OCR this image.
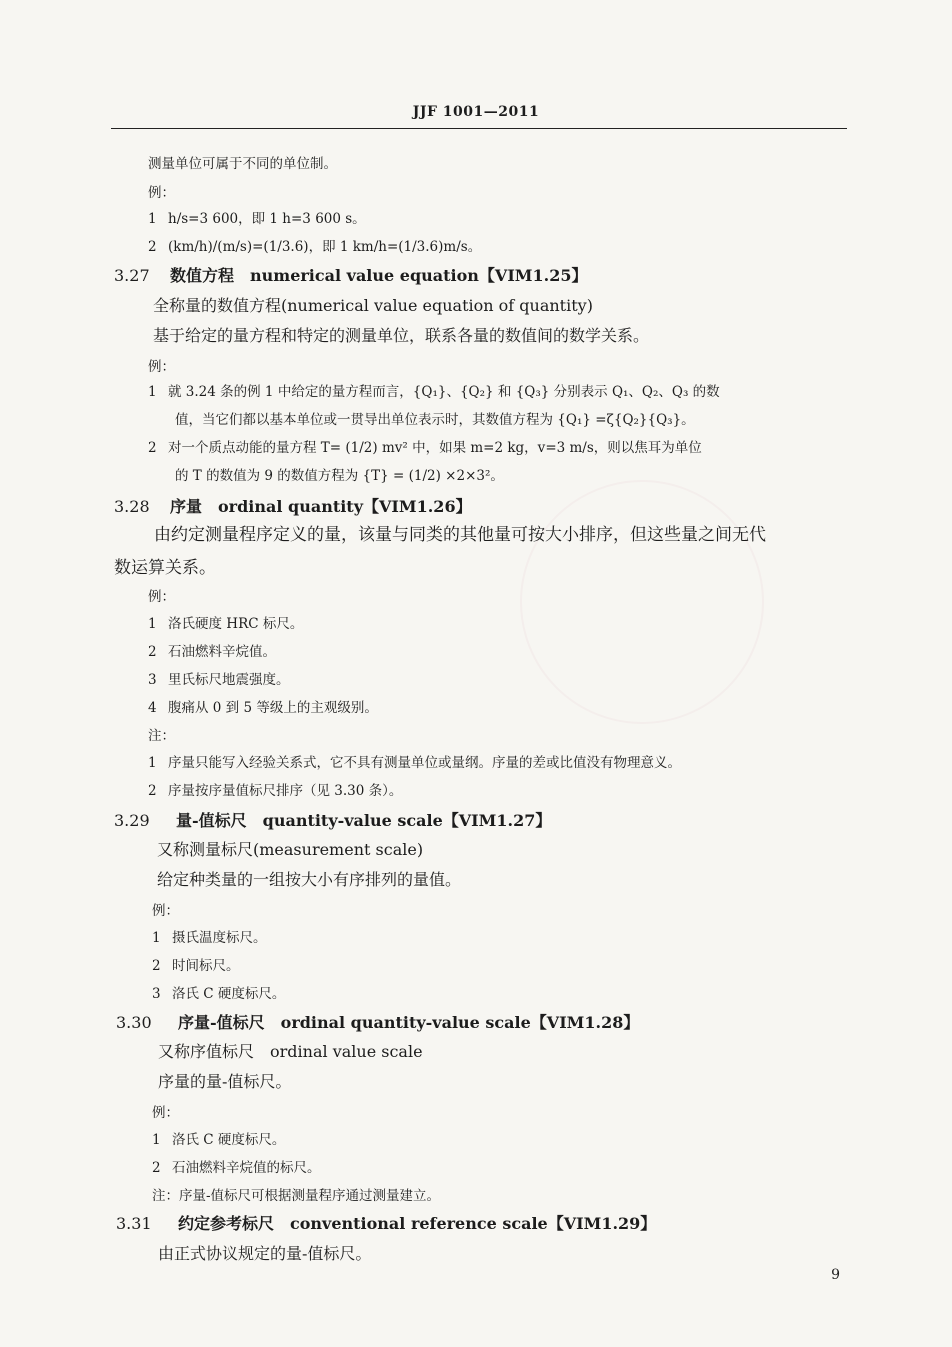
JJF 1001—2011
测量单位可属于不同的单位制。
例：
1 h/s=3 600，即 1 h=3 600 s。
2 (km/h)/(m/s)=(1/3.6)，即 1 km/h=(1/3.6)m/s。
3.27 数值方程　numerical value equation【VIM1.25】
全称量的数值方程(numerical value equation of quantity)
基于给定的量方程和特定的测量单位，联系各量的数值间的数学关系。
例：
1 就 3.24 条的例 1 中给定的量方程而言，{Q₁}、{Q₂} 和 {Q₃} 分别表示 Q₁、Q₂、Q₃ 的数
值，当它们都以基本单位或一贯导出单位表示时，其数值方程为 {Q₁} =ζ{Q₂}{Q₃}。
2 对一个质点动能的量方程 T= (1/2) mv² 中，如果 m=2 kg，v=3 m/s，则以焦耳为单位
的 T 的数值为 9 的数值方程为 {T} = (1/2) ×2×3²。
3.28 序量　ordinal quantity【VIM1.26】
由约定测量程序定义的量，该量与同类的其他量可按大小排序，但这些量之间无代
数运算关系。
例：
1 洛氏硬度 HRC 标尺。
2 石油燃料辛烷值。
3 里氏标尺地震强度。
4 腹痛从 0 到 5 等级上的主观级别。
注：
1 序量只能写入经验关系式，它不具有测量单位或量纲。序量的差或比值没有物理意义。
2 序量按序量值标尺排序（见 3.30 条）。
3.29 量-值标尺　quantity-value scale【VIM1.27】
又称测量标尺(measurement scale)
给定种类量的一组按大小有序排列的量值。
例：
1 摄氏温度标尺。
2 时间标尺。
3 洛氏 C 硬度标尺。
3.30 序量-值标尺　ordinal quantity-value scale【VIM1.28】
又称序值标尺　ordinal value scale
序量的量-值标尺。
例：
1 洛氏 C 硬度标尺。
2 石油燃料辛烷值的标尺。
注：序量-值标尺可根据测量程序通过测量建立。
3.31 约定参考标尺　conventional reference scale【VIM1.29】
由正式协议规定的量-值标尺。
9
